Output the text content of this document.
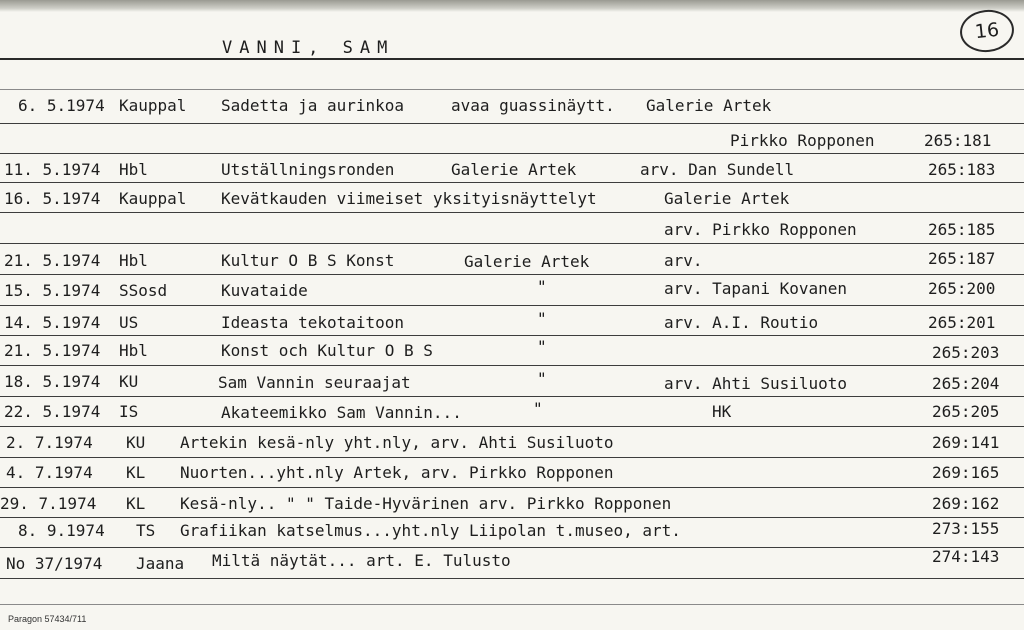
VANNI, SAM
16
6. 5.1974 Kauppal Sadetta ja aurinkoa	avaa guassinäytt. Galerie Artek
Pirkko Ropponen	265:181
11. 5.1974 Hbl	Utställningsronden	Galerie Artek	arv. Dan Sundell	265:183
16. 5.1974 Kauppal Kevätkauden viimeiset yksityisnäyttelyt	Galerie Artek
arv. Pirkko Ropponen	265:185
21. 5.1974 Hbl	Kultur O B S Konst	Galerie Artek	arv.	265:187
15. 5.1974 SSosd	Kuvataide	"	arv. Tapani Kovanen	265:200
14. 5.1974 US	Ideasta tekotaitoon	"	arv. A.I. Routio	265:201
21. 5.1974 Hbl	Konst och Kultur O B S	"	265:203
18. 5.1974 KU	Sam Vannin seuraajat	"	arv. Ahti Susiluoto	265:204
22. 5.1974 IS	Akateemikko Sam Vannin...	"	HK	265:205
2. 7.1974 KU Artekin kesä-nly yht.nly, arv. Ahti Susiluoto	269:141
4. 7.1974 KL Nuorten...yht.nly Artek, arv. Pirkko Ropponen	269:165
29. 7.1974 KL Kesä-nly.. " " Taide-Hyvärinen arv. Pirkko Ropponen	269:162
8. 9.1974 TS Grafiikan katselmus...yht.nly Liipolan t.museo, art.	273:155
No 37/1974 Jaana Miltä näytät... art. E. Tulusto	274:143
Paragon 57434/711
